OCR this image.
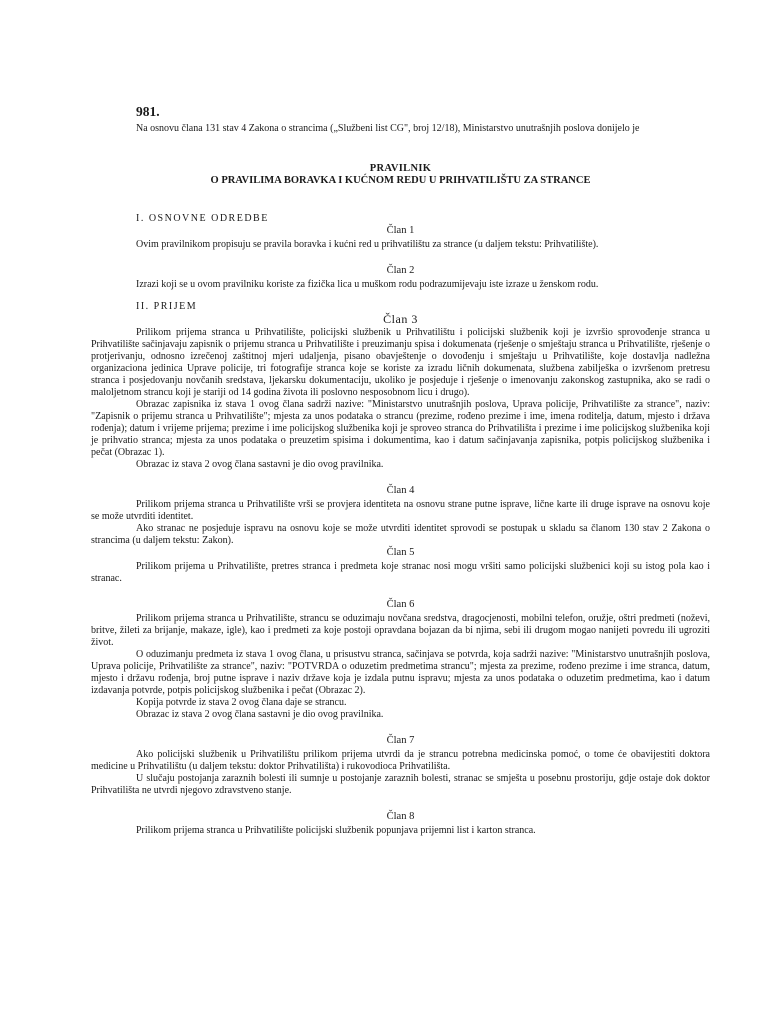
981.

Na osnovu člana 131 stav 4 Zakona o strancima („Službeni list CG", broj 12/18), Ministarstvo unutrašnjih poslova donijelo je

PRAVILNIK
O PRAVILIMA BORAVKA I KUĆNOM REDU U PRIHVATILIŠTU ZA STRANCE
I. OSNOVNE ODREDBE
Član 1

Ovim pravilnikom propisuju se pravila boravka i kućni red u prihvatilištu za strance (u daljem tekstu: Prihvatilište).

Član 2

Izrazi koji se u ovom pravilniku koriste za fizička lica u muškom rodu podrazumijevaju iste izraze u ženskom rodu.

II. PRIJEM
Član 3

Prilikom prijema stranca u Prihvatilište, policijski službenik u Prihvatilištu i policijski službenik koji je izvršio sprovođenje stranca u Prihvatilište sačinjavaju zapisnik o prijemu stranca u Prihvatilište i preuzimanju spisa i dokumenata (rješenje o smještaju stranca u Prihvatilište, rješenje o protjerivanju, odnosno izrečenoj zaštitnoj mjeri udaljenja, pisano obavještenje o dovođenju i smještaju u Prihvatilište, koje dostavlja nadležna organizaciona jedinica Uprave policije, tri fotografije stranca koje se koriste za izradu ličnih dokumenata, službena zabilješka o izvršenom pretresu stranca i posjedovanju novčanih sredstava, ljekarsku dokumentaciju, ukoliko je posjeduje i rješenje o imenovanju zakonskog zastupnika, ako se radi o maloljetnom strancu koji je stariji od 14 godina života ili poslovno nesposobnom licu i drugo).

Obrazac zapisnika iz stava 1 ovog člana sadrži nazive: "Ministarstvo unutrašnjih poslova, Uprava policije, Prihvatilište za strance", naziv: "Zapisnik o prijemu stranca u Prihvatilište"; mjesta za unos podataka o strancu (prezime, rođeno prezime i ime, imena roditelja, datum, mjesto i država rođenja); datum i vrijeme prijema; prezime i ime policijskog službenika koji je sproveo stranca do Prihvatilišta i prezime i ime policijskog službenika koji je prihvatio stranca; mjesta za unos podataka o preuzetim spisima i dokumentima, kao i datum sačinjavanja zapisnika, potpis policijskog službenika i pečat (Obrazac 1).

Obrazac iz stava 2 ovog člana sastavni je dio ovog pravilnika.

Član 4

Prilikom prijema stranca u Prihvatilište vrši se provjera identiteta na osnovu strane putne isprave, lične karte ili druge isprave na osnovu koje se može utvrditi identitet.

Ako stranac ne posjeduje ispravu na osnovu koje se može utvrditi identitet sprovodi se postupak u skladu sa članom 130 stav 2 Zakona o strancima (u daljem tekstu: Zakon).

Član 5

Prilikom prijema u Prihvatilište, pretres stranca i predmeta koje stranac nosi mogu vršiti samo policijski službenici koji su istog pola kao i stranac.

Član 6

Prilikom prijema stranca u Prihvatilište, strancu se oduzimaju novčana sredstva, dragocjenosti, mobilni telefon, oružje, oštri predmeti (noževi, britve, žileti za brijanje, makaze, igle), kao i predmeti za koje postoji opravdana bojazan da bi njima, sebi ili drugom mogao nanijeti povredu ili ugroziti život.

O oduzimanju predmeta iz stava 1 ovog člana, u prisustvu stranca, sačinjava se potvrda, koja sadrži nazive: "Ministarstvo unutrašnjih poslova, Uprava policije, Prihvatilište za strance", naziv: "POTVRDA o oduzetim predmetima strancu"; mjesta za prezime, rođeno prezime i ime stranca, datum, mjesto i državu rođenja, broj putne isprave i naziv države koja je izdala putnu ispravu; mjesta za unos podataka o oduzetim predmetima, kao i datum izdavanja potvrde, potpis policijskog službenika i pečat (Obrazac 2).

Kopija potvrde iz stava 2 ovog člana daje se strancu.

Obrazac iz stava 2 ovog člana sastavni je dio ovog pravilnika.

Član 7

Ako policijski službenik u Prihvatilištu prilikom prijema utvrdi da je strancu potrebna medicinska pomoć, o tome će obavijestiti doktora medicine u Prihvatilištu (u daljem tekstu: doktor Prihvatilišta) i rukovodioca Prihvatilišta.

U slučaju postojanja zaraznih bolesti ili sumnje u postojanje zaraznih bolesti, stranac se smješta u posebnu prostoriju, gdje ostaje dok doktor Prihvatilišta ne utvrdi njegovo zdravstveno stanje.

Član 8

Prilikom prijema stranca u Prihvatilište policijski službenik popunjava prijemni list i karton stranca.
